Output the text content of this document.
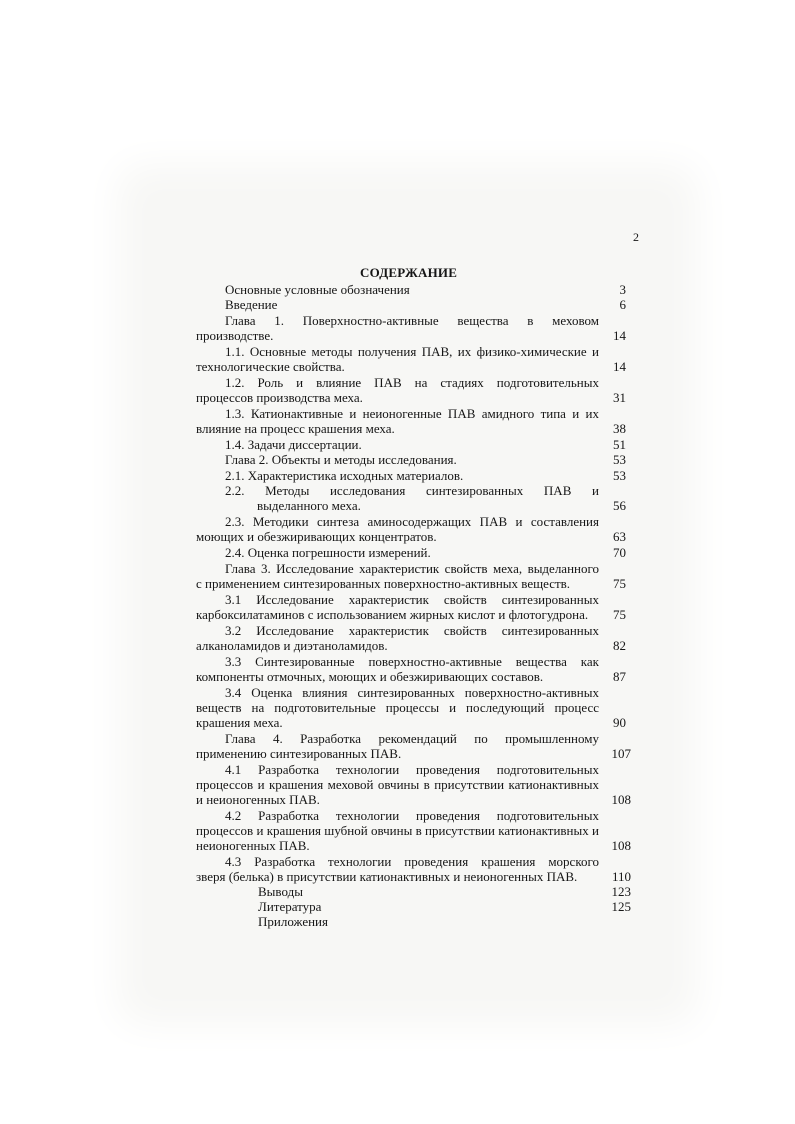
2
СОДЕРЖАНИЕ
Основные условные обозначения	3
Введение	6
Глава 1. Поверхностно-активные вещества в меховом
производстве.	14
1.1. Основные методы получения ПАВ, их физико-химические и
технологические свойства.	14
1.2. Роль и влияние ПАВ на стадиях подготовительных
процессов производства меха.	31
1.3. Катионактивные и неионогенные ПАВ амидного типа и их
влияние на процесс крашения меха.	38
1.4. Задачи диссертации.	51
Глава 2. Объекты и методы исследования.	53
2.1. Характеристика исходных материалов.	53
2.2. Методы исследования синтезированных ПАВ и
выделанного меха.	56
2.3. Методики синтеза аминосодержащих ПАВ и составления
моющих и обезжиривающих концентратов.	63
2.4. Оценка погрешности измерений.	70
Глава 3. Исследование характеристик свойств меха, выделанного
с применением синтезированных поверхностно-активных веществ.	75
3.1 Исследование характеристик свойств синтезированных
карбоксилатаминов с использованием жирных кислот и флотогудрона. 75
3.2 Исследование характеристик свойств синтезированных
алканоламидов и диэтаноламидов.	82
3.3 Синтезированные поверхностно-активные вещества как
компоненты отмочных, моющих и обезжиривающих составов.	87
3.4 Оценка влияния синтезированных поверхностно-активных
веществ на подготовительные процессы и последующий процесс
крашения меха.	90
Глава 4. Разработка рекомендаций по промышленному
применению синтезированных ПАВ.	107
4.1 Разработка технологии проведения подготовительных
процессов и крашения меховой овчины в присутствии катионактивных
и неионогенных ПАВ.	108
4.2 Разработка технологии проведения подготовительных
процессов и крашения шубной овчины в присутствии катионактивных и
неионогенных ПАВ.	108
4.3 Разработка технологии проведения крашения морского
зверя (белька) в присутствии катионактивных и неионогенных ПАВ.	110
Выводы	123
Литература	125
Приложения
